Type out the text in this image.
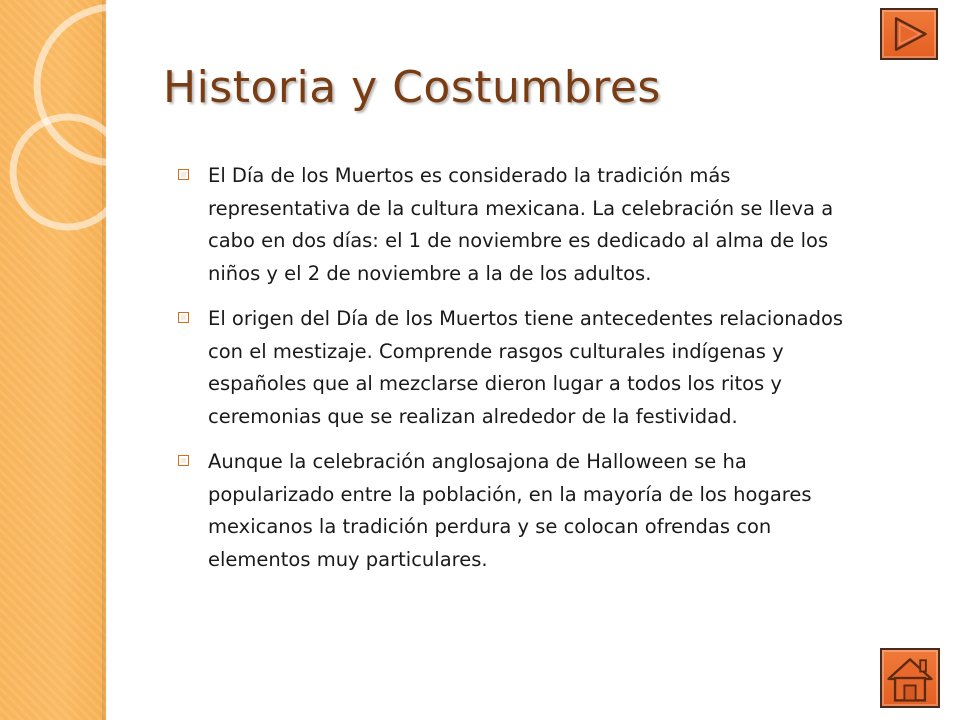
Historia y Costumbres
El Día de los Muertos es considerado la tradición más representativa de la cultura mexicana. La celebración se lleva a cabo en dos días: el 1 de noviembre es dedicado al alma de los niños y el 2 de noviembre a la de los adultos.
El origen del Día de los Muertos tiene antecedentes relacionados con el mestizaje. Comprende rasgos culturales indígenas y españoles que al mezclarse dieron lugar a todos los ritos y ceremonias que se realizan alrededor de la festividad.
Aunque la celebración anglosajona de Halloween se ha popularizado entre la población, en la mayoría de los hogares mexicanos la tradición perdura y se colocan ofrendas con elementos muy particulares.
